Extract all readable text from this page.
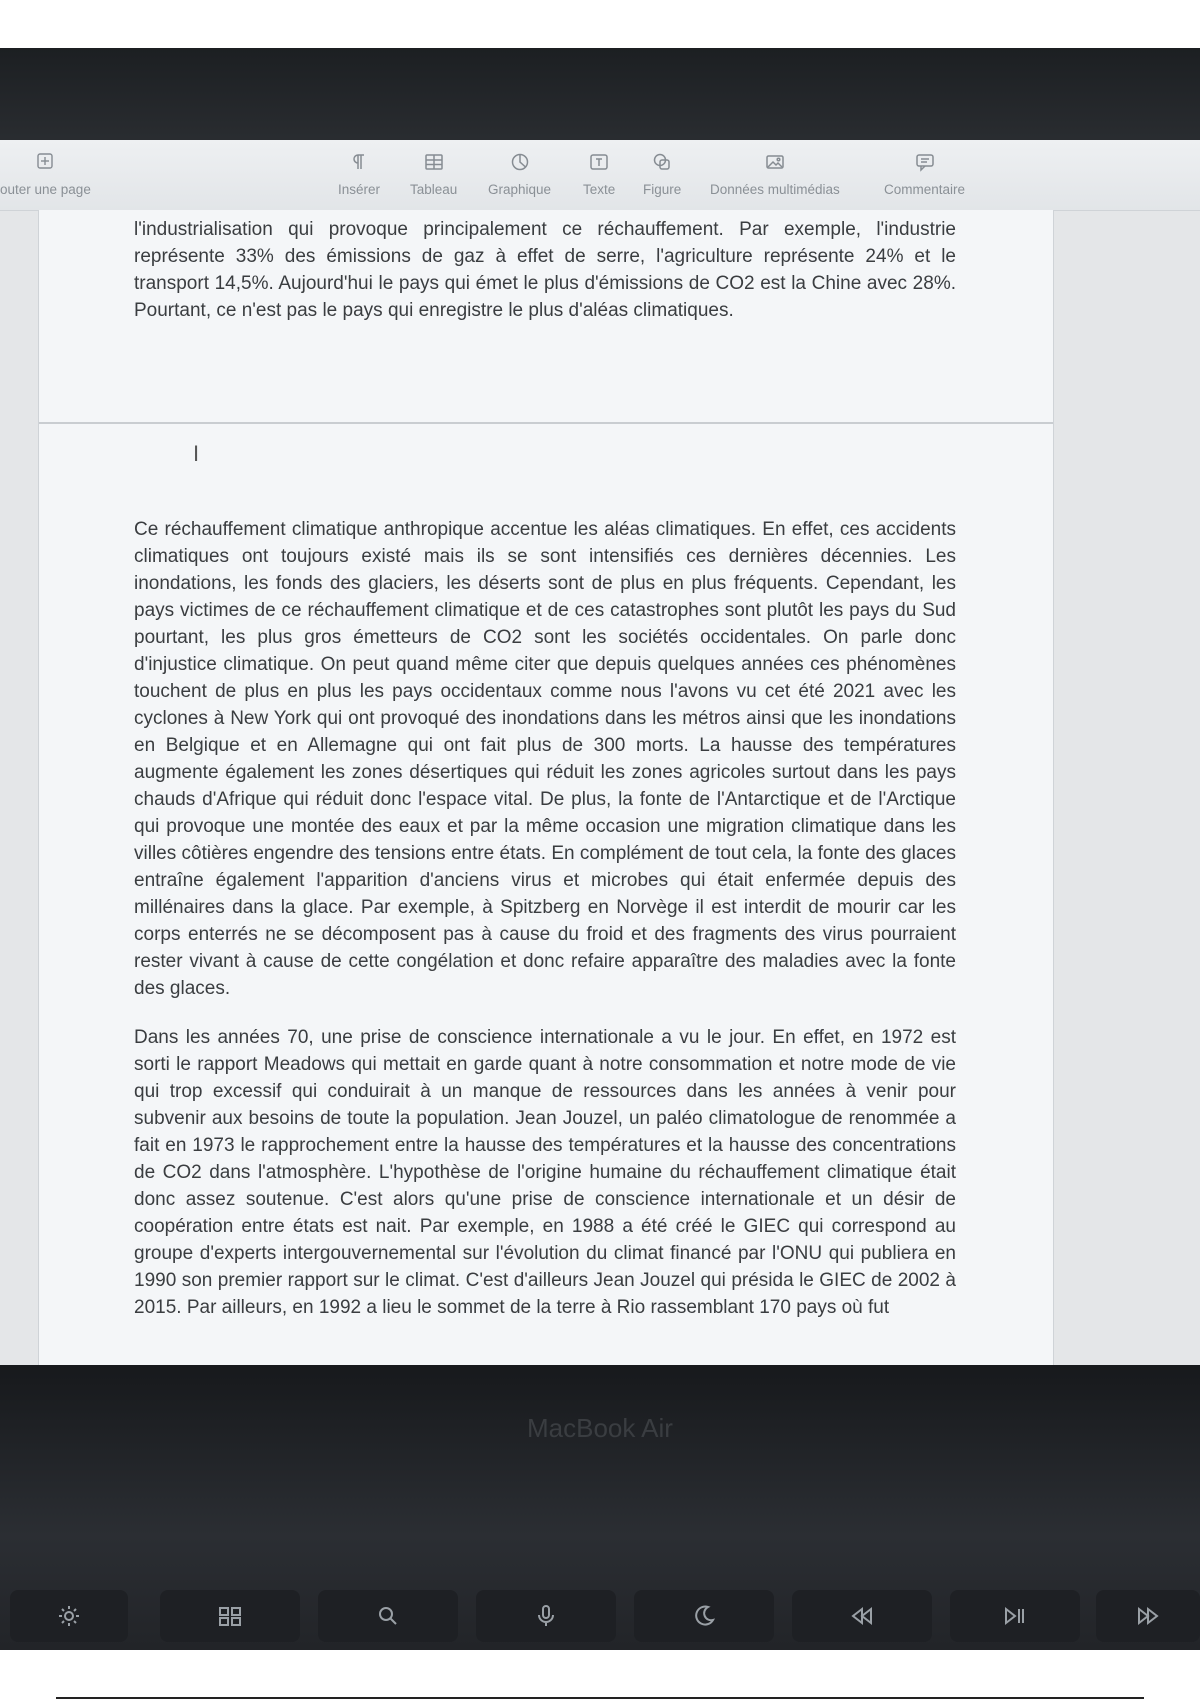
outer une page	Insérer Tableau Graphique Texte Figure Données multimédias	Commentaire

l'industrialisation qui provoque principalement ce réchauffement. Par exemple, l'industrie représente 33% des émissions de gaz à effet de serre, l'agriculture représente 24% et le transport 14,5%. Aujourd'hui le pays qui émet le plus d'émissions de CO2 est la Chine avec 28%. Pourtant, ce n'est pas le pays qui enregistre le plus d'aléas climatiques.

I

Ce réchauffement climatique anthropique accentue les aléas climatiques. En effet, ces accidents climatiques ont toujours existé mais ils se sont intensifiés ces dernières décennies. Les inondations, les fonds des glaciers, les déserts sont de plus en plus fréquents. Cependant, les pays victimes de ce réchauffement climatique et de ces catastrophes sont plutôt les pays du Sud pourtant, les plus gros émetteurs de CO2 sont les sociétés occidentales. On parle donc d'injustice climatique. On peut quand même citer que depuis quelques années ces phénomènes touchent de plus en plus les pays occidentaux comme nous l'avons vu cet été 2021 avec les cyclones à New York qui ont provoqué des inondations dans les métros ainsi que les inondations en Belgique et en Allemagne qui ont fait plus de 300 morts. La hausse des températures augmente également les zones désertiques qui réduit les zones agricoles surtout dans les pays chauds d'Afrique qui réduit donc l'espace vital. De plus, la fonte de l'Antarctique et de l'Arctique qui provoque une montée des eaux et par la même occasion une migration climatique dans les villes côtières engendre des tensions entre états. En complément de tout cela, la fonte des glaces entraîne également l'apparition d'anciens virus et microbes qui était enfermée depuis des millénaires dans la glace. Par exemple, à Spitzberg en Norvège il est interdit de mourir car les corps enterrés ne se décomposent pas à cause du froid et des fragments des virus pourraient rester vivant à cause de cette congélation et donc refaire apparaître des maladies avec la fonte des glaces.

Dans les années 70, une prise de conscience internationale a vu le jour. En effet, en 1972 est sorti le rapport Meadows qui mettait en garde quant à notre consommation et notre mode de vie qui trop excessif qui conduirait à un manque de ressources dans les années à venir pour subvenir aux besoins de toute la population. Jean Jouzel, un paléo climatologue de renommée a fait en 1973 le rapprochement entre la hausse des températures et la hausse des concentrations de CO2 dans l'atmosphère. L'hypothèse de l'origine humaine du réchauffement climatique était donc assez soutenue. C'est alors qu'une prise de conscience internationale et un désir de coopération entre états est nait. Par exemple, en 1988 a été créé le GIEC qui correspond au groupe d'experts intergouvernemental sur l'évolution du climat financé par l'ONU qui publiera en 1990 son premier rapport sur le climat. C'est d'ailleurs Jean Jouzel qui présida le GIEC de 2002 à 2015. Par ailleurs, en 1992 a lieu le sommet de la terre à Rio rassemblant 170 pays où fut

MacBook Air
